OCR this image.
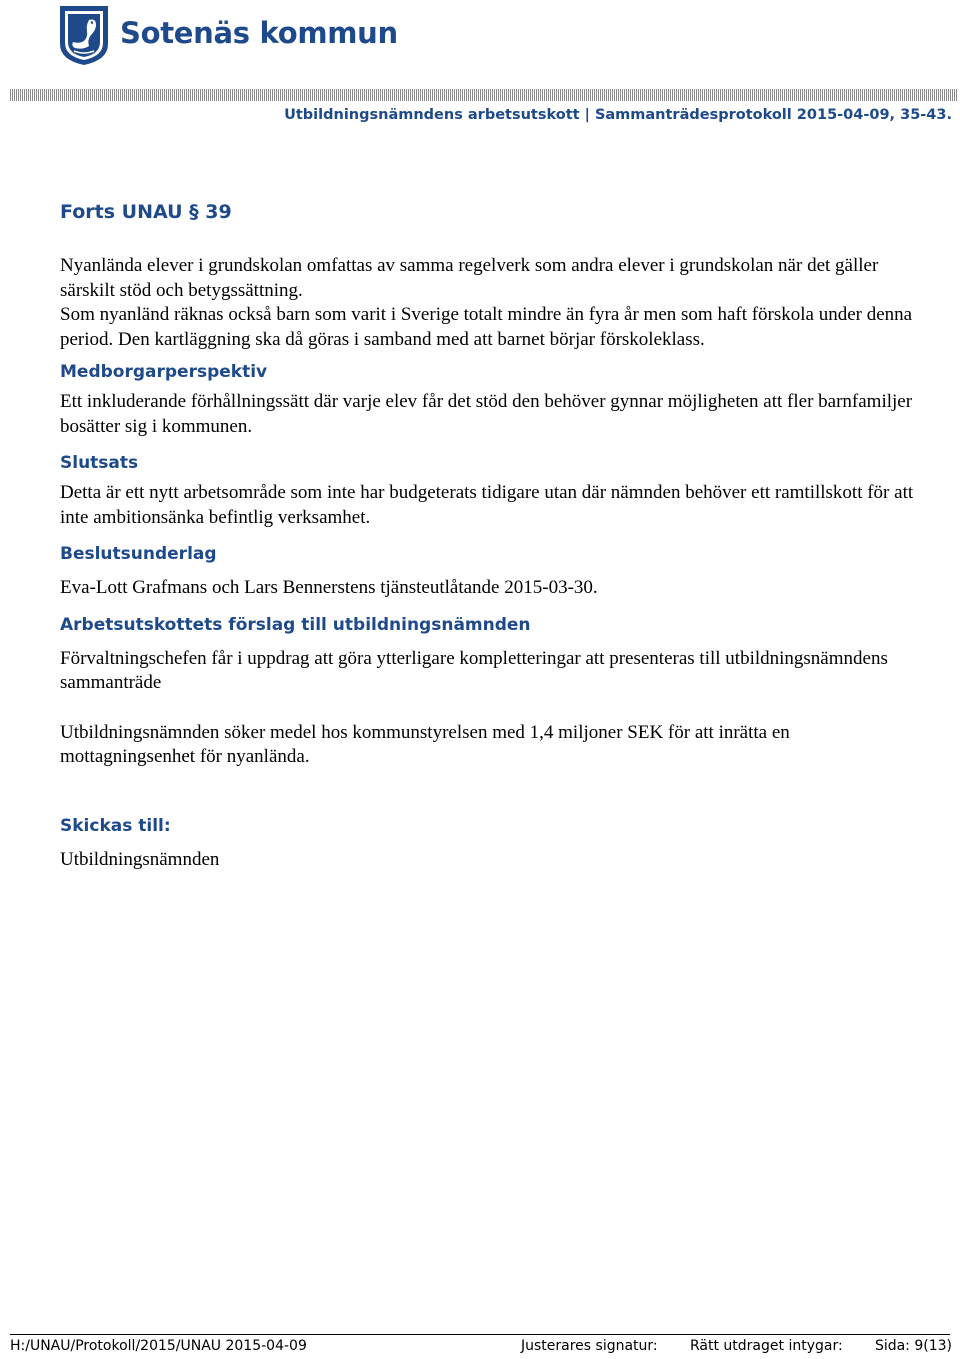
Sotenäs kommun
Utbildningsnämndens arbetsutskott | Sammanträdesprotokoll 2015-04-09, 35-43.
Forts UNAU § 39

Nyanlända elever i grundskolan omfattas av samma regelverk som andra elever i grundskolan när det gäller särskilt stöd och betygssättning.

Som nyanländ räknas också barn som varit i Sverige totalt mindre än fyra år men som haft förskola under denna period. Den kartläggning ska då göras i samband med att barnet börjar förskoleklass.

Medborgarperspektiv

Ett inkluderande förhållningssätt där varje elev får det stöd den behöver gynnar möjligheten att fler barnfamiljer bosätter sig i kommunen.

Slutsats

Detta är ett nytt arbetsområde som inte har budgeterats tidigare utan där nämnden behöver ett ramtillskott för att inte ambitionsänka befintlig verksamhet.

Beslutsunderlag

Eva-Lott Grafmans och Lars Bennerstens tjänsteutlåtande 2015-03-30.

Arbetsutskottets förslag till utbildningsnämnden

Förvaltningschefen får i uppdrag att göra ytterligare kompletteringar att presenteras till utbildningsnämndens sammanträde

Utbildningsnämnden söker medel hos kommunstyrelsen med 1,4 miljoner SEK för att inrätta en mottagningsenhet för nyanlända.

Skickas till:

Utbildningsnämnden

H:/UNAU/Protokoll/2015/UNAU 2015-04-09	Justerares signatur: Rätt utdraget intygar: Sida: 9(13)
